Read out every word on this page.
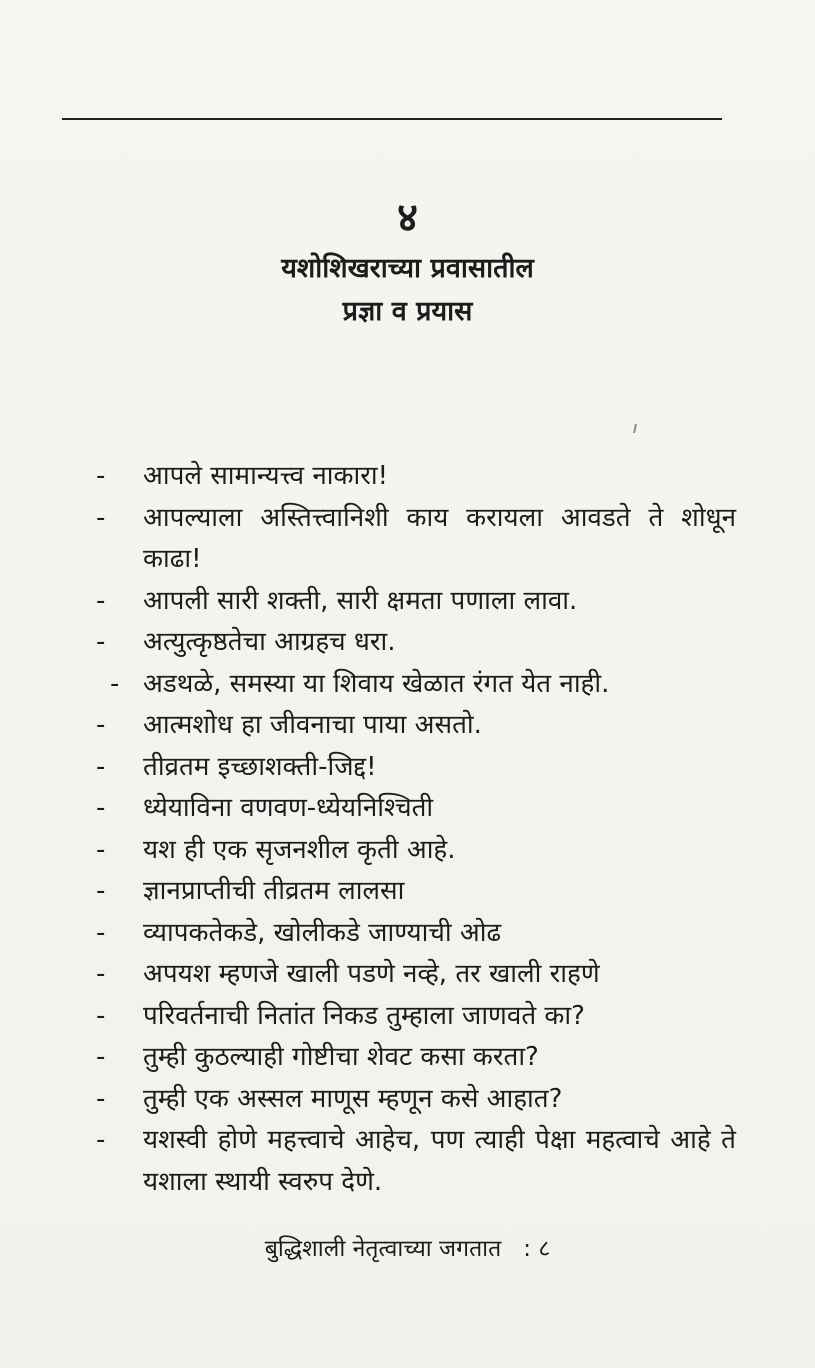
४
यशोशिखराच्या प्रवासातील
प्रज्ञा व प्रयास
-	आपले सामान्यत्त्व नाकारा!
-	आपल्याला अस्तित्त्वानिशी काय करायला आवडते ते शोधून काढा!
-	आपली सारी शक्ती, सारी क्षमता पणाला लावा.
-	अत्युत्कृष्ठतेचा आग्रहच धरा.
- अडथळे, समस्या या शिवाय खेळात रंगत येत नाही.
-	आत्मशोध हा जीवनाचा पाया असतो.
-	तीव्रतम इच्छाशक्ती-जिद्द!
-	ध्येयाविना वणवण-ध्येयनिश्चिती
-	यश ही एक सृजनशील कृती आहे.
-	ज्ञानप्राप्तीची तीव्रतम लालसा
-	व्यापकतेकडे, खोलीकडे जाण्याची ओढ
-	अपयश म्हणजे खाली पडणे नव्हे, तर खाली राहणे
-	परिवर्तनाची नितांत निकड तुम्हाला जाणवते का?
-	तुम्ही कुठल्याही गोष्टीचा शेवट कसा करता?
-	तुम्ही एक अस्सल माणूस म्हणून कसे आहात?
-	यशस्वी होणे महत्त्वाचे आहेच, पण त्याही पेक्षा महत्वाचे आहे ते यशाला स्थायी स्वरुप देणे.
बुद्धिशाली नेतृत्वाच्या जगतात : ८
